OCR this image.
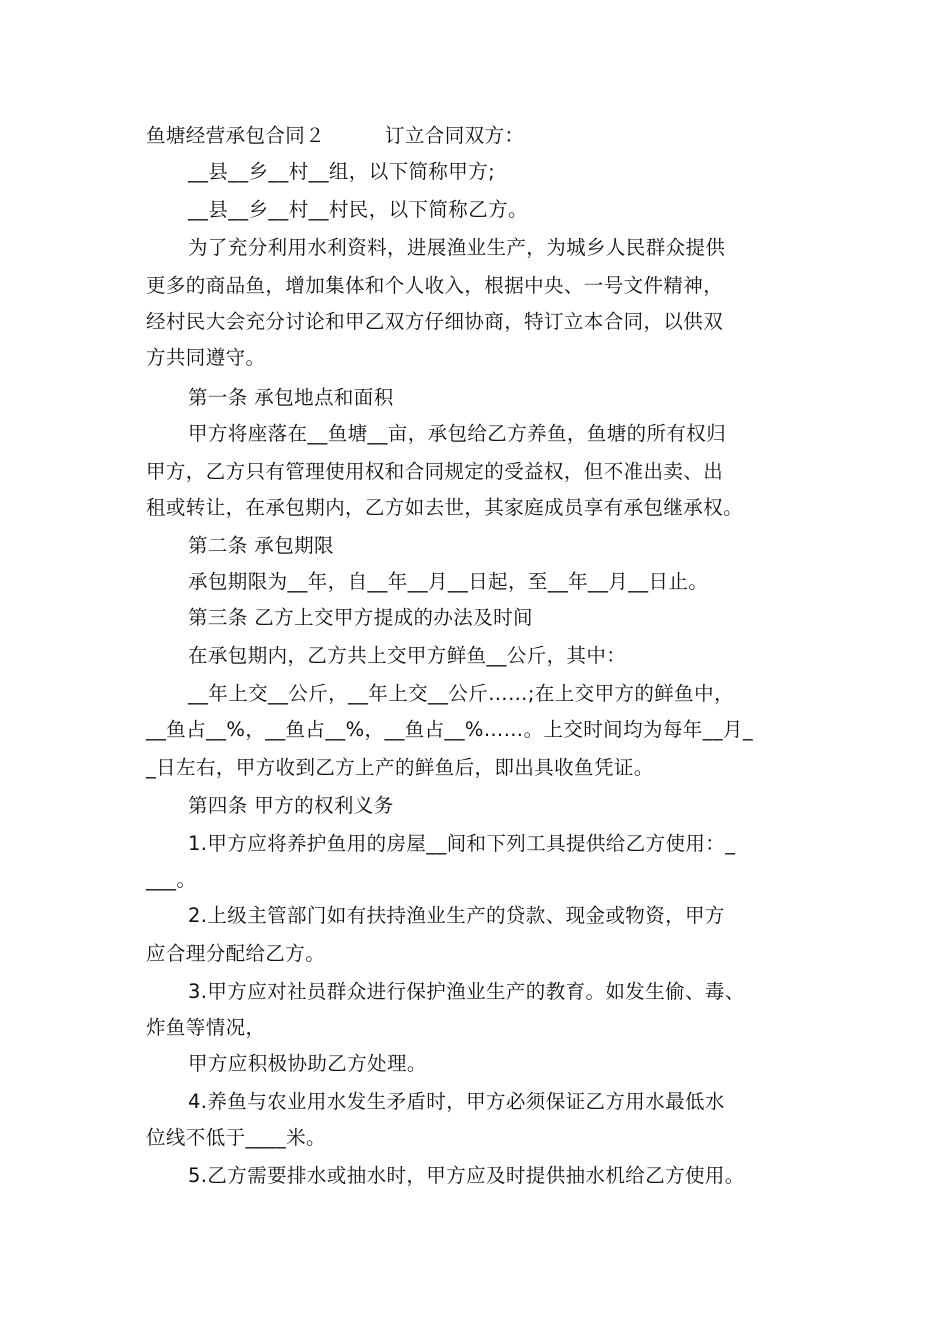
鱼塘经营承包合同２	订立合同双方：
__县__乡__村__组，以下简称甲方;
__县__乡__村__村民，以下简称乙方。
为了充分利用水利资料，进展渔业生产，为城乡人民群众提供
更多的商品鱼，增加集体和个人收入，根据中央、一号文件精神，
经村民大会充分讨论和甲乙双方仔细协商，特订立本合同，以供双
方共同遵守。
第一条 承包地点和面积
甲方将座落在__鱼塘__亩，承包给乙方养鱼，鱼塘的所有权归
甲方，乙方只有管理使用权和合同规定的受益权，但不准出卖、出
租或转让，在承包期内，乙方如去世，其家庭成员享有承包继承权。
第二条 承包期限
承包期限为__年，自__年__月__日起，至__年__月__日止。
第三条 乙方上交甲方提成的办法及时间
在承包期内，乙方共上交甲方鲜鱼__公斤，其中：
__年上交__公斤，__年上交__公斤……;在上交甲方的鲜鱼中，
__鱼占__%，__鱼占__%，__鱼占__%……。上交时间均为每年__月_
_日左右，甲方收到乙方上产的鲜鱼后，即出具收鱼凭证。
第四条 甲方的权利义务
1.甲方应将养护鱼用的房屋__间和下列工具提供给乙方使用：_
___。
2.上级主管部门如有扶持渔业生产的贷款、现金或物资，甲方
应合理分配给乙方。
3.甲方应对社员群众进行保护渔业生产的教育。如发生偷、毒、
炸鱼等情况，
甲方应积极协助乙方处理。
4.养鱼与农业用水发生矛盾时，甲方必须保证乙方用水最低水
位线不低于____米。
5.乙方需要排水或抽水时，甲方应及时提供抽水机给乙方使用。
